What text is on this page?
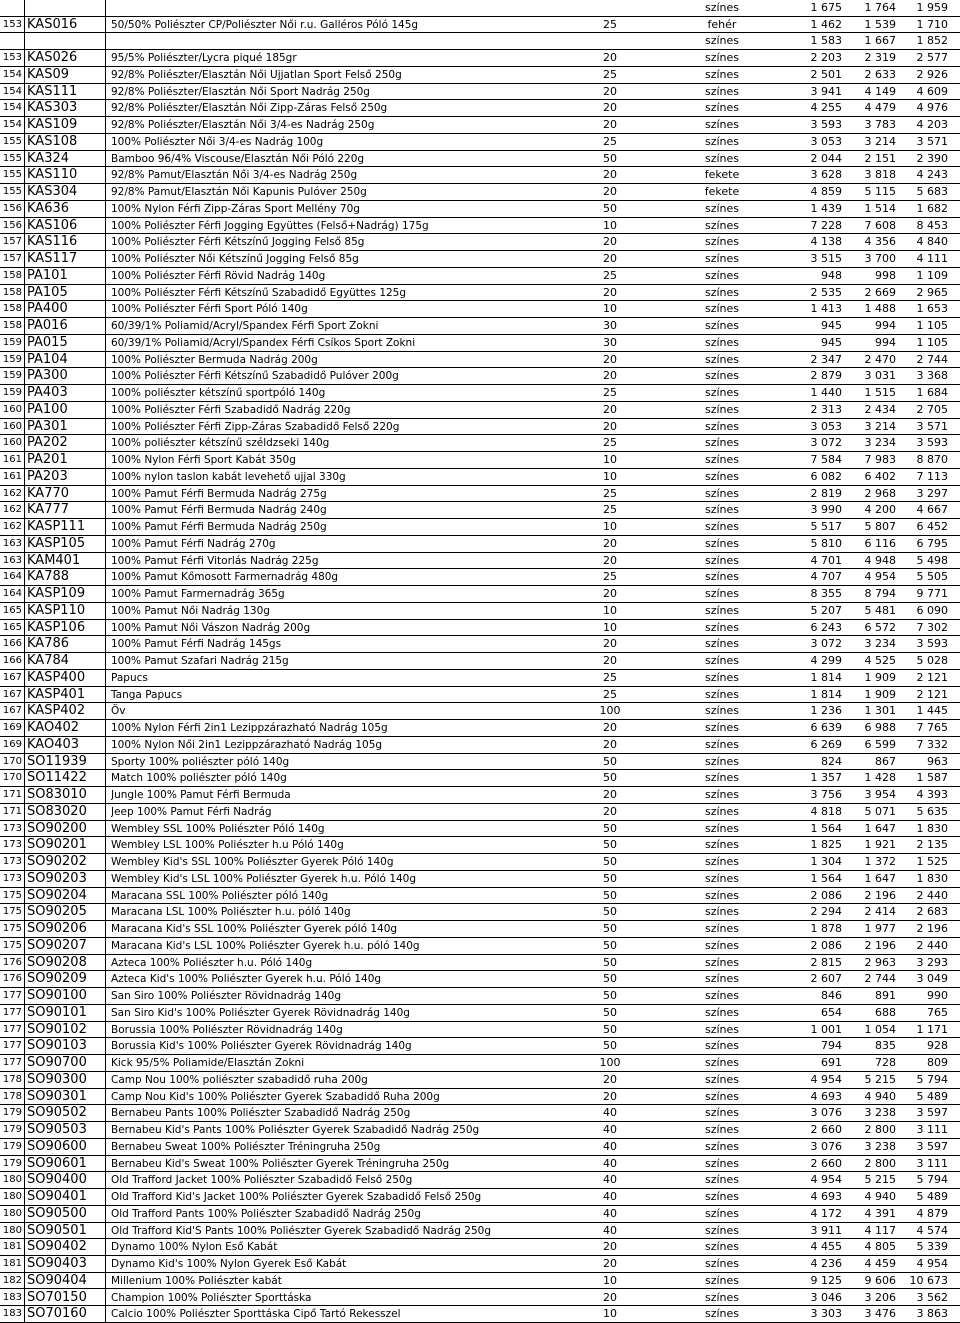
színes	1 675	1 764	1 959
153 KAS016	50/50% Poliészter CP/Poliészter Női r.u. Galléros Póló 145g	25	fehér	1 462	1 539	1 710
színes	1 583	1 667	1 852
153 KAS026	95/5% Poliészter/Lycra piqué 185gr	20	színes	2 203	2 319	2 577
154 KAS09	92/8% Poliészter/Elasztán Női Ujjatlan Sport Felső 250g	25	színes	2 501	2 633	2 926
154 KAS111	92/8% Poliészter/Elasztán Női Sport Nadrág 250g	20	színes	3 941	4 149	4 609
154 KAS303	92/8% Poliészter/Elasztán Női Zipp-Záras Felső 250g	20	színes	4 255	4 479	4 976
154 KAS109	92/8% Poliészter/Elasztán Női 3/4-es Nadrág 250g	20	színes	3 593	3 783	4 203
155 KAS108	100% Poliészter Női 3/4-es Nadrág 100g	25	színes	3 053	3 214	3 571
155 KA324	Bamboo 96/4% Viscouse/Elasztán Női Póló 220g	50	színes	2 044	2 151	2 390
155 KAS110	92/8% Pamut/Elasztán Női 3/4-es Nadrág 250g	20	fekete	3 628	3 818	4 243
155 KAS304	92/8% Pamut/Elasztán Női Kapunis Pulóver 250g	20	fekete	4 859	5 115	5 683
156 KA636	100% Nylon Férfi Zipp-Záras Sport Mellény 70g	50	színes	1 439	1 514	1 682
156 KAS106	100% Poliészter Férfi Jogging Együttes (Felső+Nadrág) 175g	10	színes	7 228	7 608	8 453
157 KAS116	100% Poliészter Férfi Kétszínű Jogging Felső 85g	20	színes	4 138	4 356	4 840
157 KAS117	100% Poliészter Női Kétszínű Jogging Felső 85g	20	színes	3 515	3 700	4 111
158 PA101	100% Poliészter Férfi Rövid Nadrág 140g	25	színes	948	998	1 109
158 PA105	100% Poliészter Férfi Kétszínű Szabadidő Együttes 125g	20	színes	2 535	2 669	2 965
158 PA400	100% Poliészter Férfi Sport Póló 140g	10	színes	1 413	1 488	1 653
158 PA016	60/39/1% Poliamid/Acryl/Spandex Férfi Sport Zokni	30	színes	945	994	1 105
159 PA015	60/39/1% Poliamid/Acryl/Spandex Férfi Csíkos Sport Zokni	30	színes	945	994	1 105
159 PA104	100% Poliészter Bermuda Nadrág 200g	20	színes	2 347	2 470	2 744
159 PA300	100% Poliészter Férfi Kétszínű Szabadidő Pulóver 200g	20	színes	2 879	3 031	3 368
159 PA403	100% poliészter kétszínű sportpóló 140g	25	színes	1 440	1 515	1 684
160 PA100	100% Poliészter Férfi Szabadidő Nadrág 220g	20	színes	2 313	2 434	2 705
160 PA301	100% Poliészter Férfi Zipp-Záras Szabadidő Felső 220g	20	színes	3 053	3 214	3 571
160 PA202	100% poliészter kétszínű széldzseki 140g	25	színes	3 072	3 234	3 593
161 PA201	100% Nylon Férfi Sport Kabát 350g	10	színes	7 584	7 983	8 870
161 PA203	100% nylon taslon kabát levehető ujjal 330g	10	színes	6 082	6 402	7 113
162 KA770	100% Pamut Férfi Bermuda Nadrág 275g	25	színes	2 819	2 968	3 297
162 KA777	100% Pamut Férfi Bermuda Nadrág 240g	25	színes	3 990	4 200	4 667
162 KASP111	100% Pamut Férfi Bermuda Nadrág 250g	10	színes	5 517	5 807	6 452
163 KASP105	100% Pamut Férfi Nadrág 270g	20	színes	5 810	6 116	6 795
163 KAM401	100% Pamut Férfi Vitorlás Nadrág 225g	20	színes	4 701	4 948	5 498
164 KA788	100% Pamut Kőmosott Farmernadrág 480g	25	színes	4 707	4 954	5 505
164 KASP109	100% Pamut Farmernadrág 365g	20	színes	8 355	8 794	9 771
165 KASP110	100% Pamut Női Nadrág 130g	10	színes	5 207	5 481	6 090
165 KASP106	100% Pamut Női Vászon Nadrág 200g	10	színes	6 243	6 572	7 302
166 KA786	100% Pamut Férfi Nadrág 145gs	20	színes	3 072	3 234	3 593
166 KA784	100% Pamut Szafari Nadrág 215g	20	színes	4 299	4 525	5 028
167 KASP400	Papucs	25	színes	1 814	1 909	2 121
167 KASP401	Tanga Papucs	25	színes	1 814	1 909	2 121
167 KASP402	Öv	100	színes	1 236	1 301	1 445
169 KAO402	100% Nylon Férfi 2in1 Lezippzárazható Nadrág 105g	20	színes	6 639	6 988	7 765
169 KAO403	100% Nylon Női 2in1 Lezippzárazható Nadrág 105g	20	színes	6 269	6 599	7 332
170 SO11939	Sporty 100% poliészter póló 140g	50	színes	824	867	963
170 SO11422	Match 100% poliészter póló 140g	50	színes	1 357	1 428	1 587
171 SO83010	Jungle 100% Pamut Férfi Bermuda	20	színes	3 756	3 954	4 393
171 SO83020	Jeep 100% Pamut Férfi Nadrág	20	színes	4 818	5 071	5 635
173 SO90200	Wembley SSL 100% Poliészter Póló 140g	50	színes	1 564	1 647	1 830
173 SO90201	Wembley LSL 100% Poliészter h.u Póló 140g	50	színes	1 825	1 921	2 135
173 SO90202	Wembley Kid's SSL 100% Poliészter Gyerek Póló 140g	50	színes	1 304	1 372	1 525
173 SO90203	Wembley Kid's LSL 100% Poliészter Gyerek h.u. Póló 140g	50	színes	1 564	1 647	1 830
175 SO90204	Maracana SSL 100% Poliészter póló 140g	50	színes	2 086	2 196	2 440
175 SO90205	Maracana LSL 100% Poliészter h.u. póló 140g	50	színes	2 294	2 414	2 683
175 SO90206	Maracana Kid's SSL 100% Poliészter Gyerek póló 140g	50	színes	1 878	1 977	2 196
175 SO90207	Maracana Kid's LSL 100% Poliészter Gyerek h.u. póló 140g	50	színes	2 086	2 196	2 440
176 SO90208	Azteca 100% Poliészter h.u. Póló 140g	50	színes	2 815	2 963	3 293
176 SO90209	Azteca Kid's 100% Poliészter Gyerek h.u. Póló 140g	50	színes	2 607	2 744	3 049
177 SO90100	San Siro 100% Poliészter Rövidnadrág 140g	50	színes	846	891	990
177 SO90101	San Siro Kid's 100% Poliészter Gyerek Rövidnadrág 140g	50	színes	654	688	765
177 SO90102	Borussia 100% Poliészter Rövidnadrág 140g	50	színes	1 001	1 054	1 171
177 SO90103	Borussia Kid's 100% Poliészter Gyerek Rövidnadrág 140g	50	színes	794	835	928
177 SO90700	Kick 95/5% Poliamide/Elasztán Zokni	100	színes	691	728	809
178 SO90300	Camp Nou 100% poliészter szabadidő ruha 200g	20	színes	4 954	5 215	5 794
178 SO90301	Camp Nou Kid's 100% Poliészter Gyerek Szabadidő Ruha 200g	20	színes	4 693	4 940	5 489
179 SO90502	Bernabeu Pants 100% Poliészter Szabadidő Nadrág 250g	40	színes	3 076	3 238	3 597
179 SO90503	Bernabeu Kid's Pants 100% Poliészter Gyerek Szabadidő Nadrág 250g	40	színes	2 660	2 800	3 111
179 SO90600	Bernabeu Sweat 100% Poliészter Tréningruha 250g	40	színes	3 076	3 238	3 597
179 SO90601	Bernabeu Kid's Sweat 100% Poliészter Gyerek Tréningruha 250g	40	színes	2 660	2 800	3 111
180 SO90400	Old Trafford Jacket 100% Poliészter Szabadidő Felső 250g	40	színes	4 954	5 215	5 794
180 SO90401	Old Trafford Kid's Jacket 100% Poliészter Gyerek Szabadidő Felső 250g	40	színes	4 693	4 940	5 489
180 SO90500	Old Trafford Pants 100% Poliészter Szabadidő Nadrág 250g	40	színes	4 172	4 391	4 879
180 SO90501	Old Trafford Kid'S Pants 100% Poliészter Gyerek Szabadidő Nadrág 250g	40	színes	3 911	4 117	4 574
181 SO90402	Dynamo 100% Nylon Eső Kabát	20	színes	4 455	4 805	5 339
181 SO90403	Dynamo Kid's 100% Nylon Gyerek Eső Kabát	20	színes	4 236	4 459	4 954
182 SO90404	Millenium 100% Poliészter kabát	10	színes	9 125	9 606	10 673
183 SO70150	Champion 100% Poliészter Sporttáska	20	színes	3 046	3 206	3 562
183 SO70160	Calcio 100% Poliészter Sporttáska Cipő Tartó Rekesszel	10	színes	3 303	3 476	3 863
